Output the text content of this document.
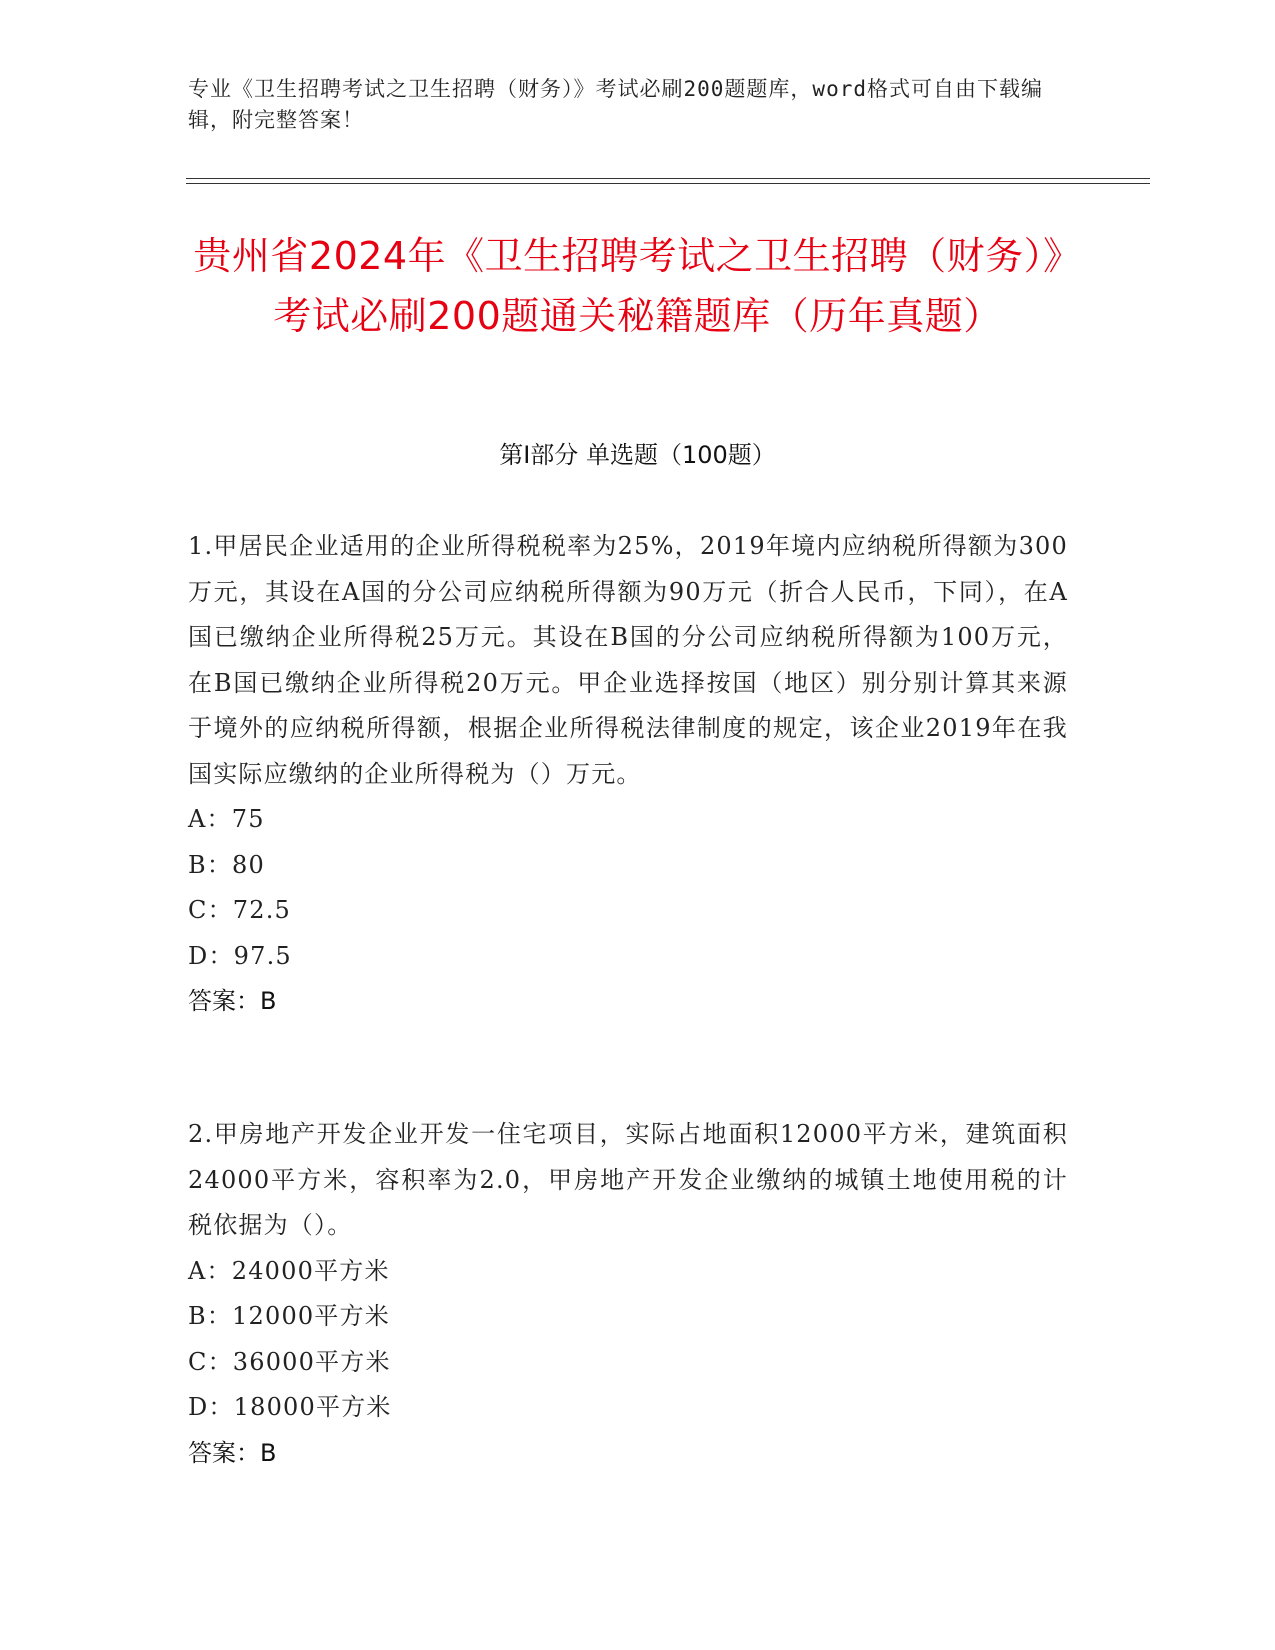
专业《卫生招聘考试之卫生招聘（财务）》考试必刷200题题库，word格式可自由下载编辑，附完整答案！
贵州省2024年《卫生招聘考试之卫生招聘（财务）》考试必刷200题通关秘籍题库（历年真题）
第Ⅰ部分 单选题（100题）
1.甲居民企业适用的企业所得税税率为25%，2019年境内应纳税所得额为300万元，其设在A国的分公司应纳税所得额为90万元（折合人民币，下同），在A国已缴纳企业所得税25万元。其设在B国的分公司应纳税所得额为100万元，在B国已缴纳企业所得税20万元。甲企业选择按国（地区）别分别计算其来源于境外的应纳税所得额，根据企业所得税法律制度的规定，该企业2019年在我国实际应缴纳的企业所得税为（）万元。
A：75
B：80
C：72.5
D：97.5
答案：B
2.甲房地产开发企业开发一住宅项目，实际占地面积12000平方米，建筑面积24000平方米，容积率为2.0，甲房地产开发企业缴纳的城镇土地使用税的计税依据为（）。
A：24000平方米
B：12000平方米
C：36000平方米
D：18000平方米
答案：B
